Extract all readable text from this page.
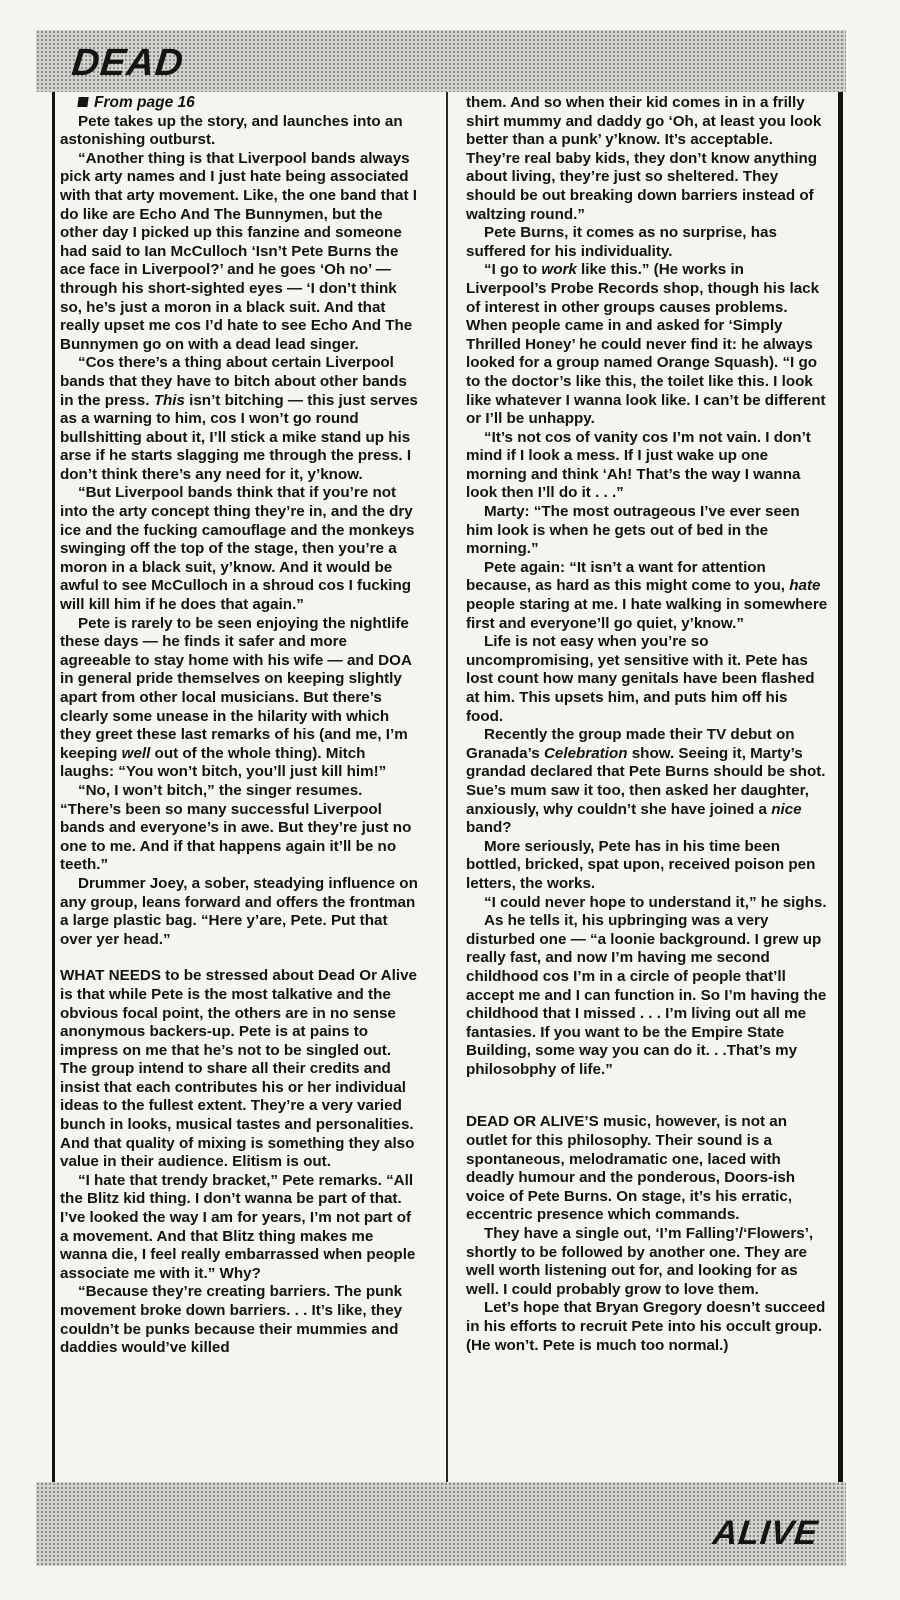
DEAD

From page 16

Pete takes up the story, and launches into an astonishing outburst.

“Another thing is that Liverpool bands always pick arty names and I just hate being associated with that arty movement. Like, the one band that I do like are Echo And The Bunnymen, but the other day I picked up this fanzine and someone had said to Ian McCulloch ‘Isn’t Pete Burns the ace face in Liverpool?’ and he goes ‘Oh no’ — through his short-sighted eyes — ‘I don’t think so, he’s just a moron in a black suit. And that really upset me cos I’d hate to see Echo And The Bunnymen go on with a dead lead singer.

“Cos there’s a thing about certain Liverpool bands that they have to bitch about other bands in the press. This isn’t bitching — this just serves as a warning to him, cos I won’t go round bullshitting about it, I’ll stick a mike stand up his arse if he starts slagging me through the press. I don’t think there’s any need for it, y’know.

“But Liverpool bands think that if you’re not into the arty concept thing they’re in, and the dry ice and the fucking camouflage and the monkeys swinging off the top of the stage, then you’re a moron in a black suit, y’know. And it would be awful to see McCulloch in a shroud cos I fucking will kill him if he does that again.”

Pete is rarely to be seen enjoying the nightlife these days — he finds it safer and more agreeable to stay home with his wife — and DOA in general pride themselves on keeping slightly apart from other local musicians. But there’s clearly some unease in the hilarity with which they greet these last remarks of his (and me, I’m keeping well out of the whole thing). Mitch laughs: “You won’t bitch, you’ll just kill him!”

“No, I won’t bitch,” the singer resumes. “There’s been so many successful Liverpool bands and everyone’s in awe. But they’re just no one to me. And if that happens again it’ll be no teeth.”

Drummer Joey, a sober, steadying influence on any group, leans forward and offers the frontman a large plastic bag. “Here y’are, Pete. Put that over yer head.”

WHAT NEEDS to be stressed about Dead Or Alive is that while Pete is the most talkative and the obvious focal point, the others are in no sense anonymous backers-up. Pete is at pains to impress on me that he’s not to be singled out. The group intend to share all their credits and insist that each contributes his or her individual ideas to the fullest extent. They’re a very varied bunch in looks, musical tastes and personalities. And that quality of mixing is something they also value in their audience. Elitism is out.

“I hate that trendy bracket,” Pete remarks. “All the Blitz kid thing. I don’t wanna be part of that. I’ve looked the way I am for years, I’m not part of a movement. And that Blitz thing makes me wanna die, I feel really embarrassed when people associate me with it.” Why?

“Because they’re creating barriers. The punk movement broke down barriers. . . It’s like, they couldn’t be punks because their mummies and daddies would’ve killed

them. And so when their kid comes in in a frilly shirt mummy and daddy go ‘Oh, at least you look better than a punk’ y’know. It’s acceptable. They’re real baby kids, they don’t know anything about living, they’re just so sheltered. They should be out breaking down barriers instead of waltzing round.”

Pete Burns, it comes as no surprise, has suffered for his individuality.

“I go to work like this.” (He works in Liverpool’s Probe Records shop, though his lack of interest in other groups causes problems. When people came in and asked for ‘Simply Thrilled Honey’ he could never find it: he always looked for a group named Orange Squash). “I go to the doctor’s like this, the toilet like this. I look like whatever I wanna look like. I can’t be different or I’ll be unhappy.

“It’s not cos of vanity cos I’m not vain. I don’t mind if I look a mess. If I just wake up one morning and think ‘Ah! That’s the way I wanna look then I’ll do it . . .”

Marty: “The most outrageous I’ve ever seen him look is when he gets out of bed in the morning.”

Pete again: “It isn’t a want for attention because, as hard as this might come to you, hate people staring at me. I hate walking in somewhere first and everyone’ll go quiet, y’know.”

Life is not easy when you’re so uncompromising, yet sensitive with it. Pete has lost count how many genitals have been flashed at him. This upsets him, and puts him off his food.

Recently the group made their TV debut on Granada’s Celebration show. Seeing it, Marty’s grandad declared that Pete Burns should be shot. Sue’s mum saw it too, then asked her daughter, anxiously, why couldn’t she have joined a nice band?

More seriously, Pete has in his time been bottled, bricked, spat upon, received poison pen letters, the works.

“I could never hope to understand it,” he sighs.

As he tells it, his upbringing was a very disturbed one — “a loonie background. I grew up really fast, and now I’m having me second childhood cos I’m in a circle of people that’ll accept me and I can function in. So I’m having the childhood that I missed . . . I’m living out all me fantasies. If you want to be the Empire State Building, some way you can do it. . .That’s my philosobphy of life.”

DEAD OR ALIVE’S music, however, is not an outlet for this philosophy. Their sound is a spontaneous, melodramatic one, laced with deadly humour and the ponderous, Doors-ish voice of Pete Burns. On stage, it’s his erratic, eccentric presence which commands.

They have a single out, ‘I’m Falling’/‘Flowers’, shortly to be followed by another one. They are well worth listening out for, and looking for as well. I could probably grow to love them.

Let’s hope that Bryan Gregory doesn’t succeed in his efforts to recruit Pete into his occult group. (He won’t. Pete is much too normal.)

ALIVE
